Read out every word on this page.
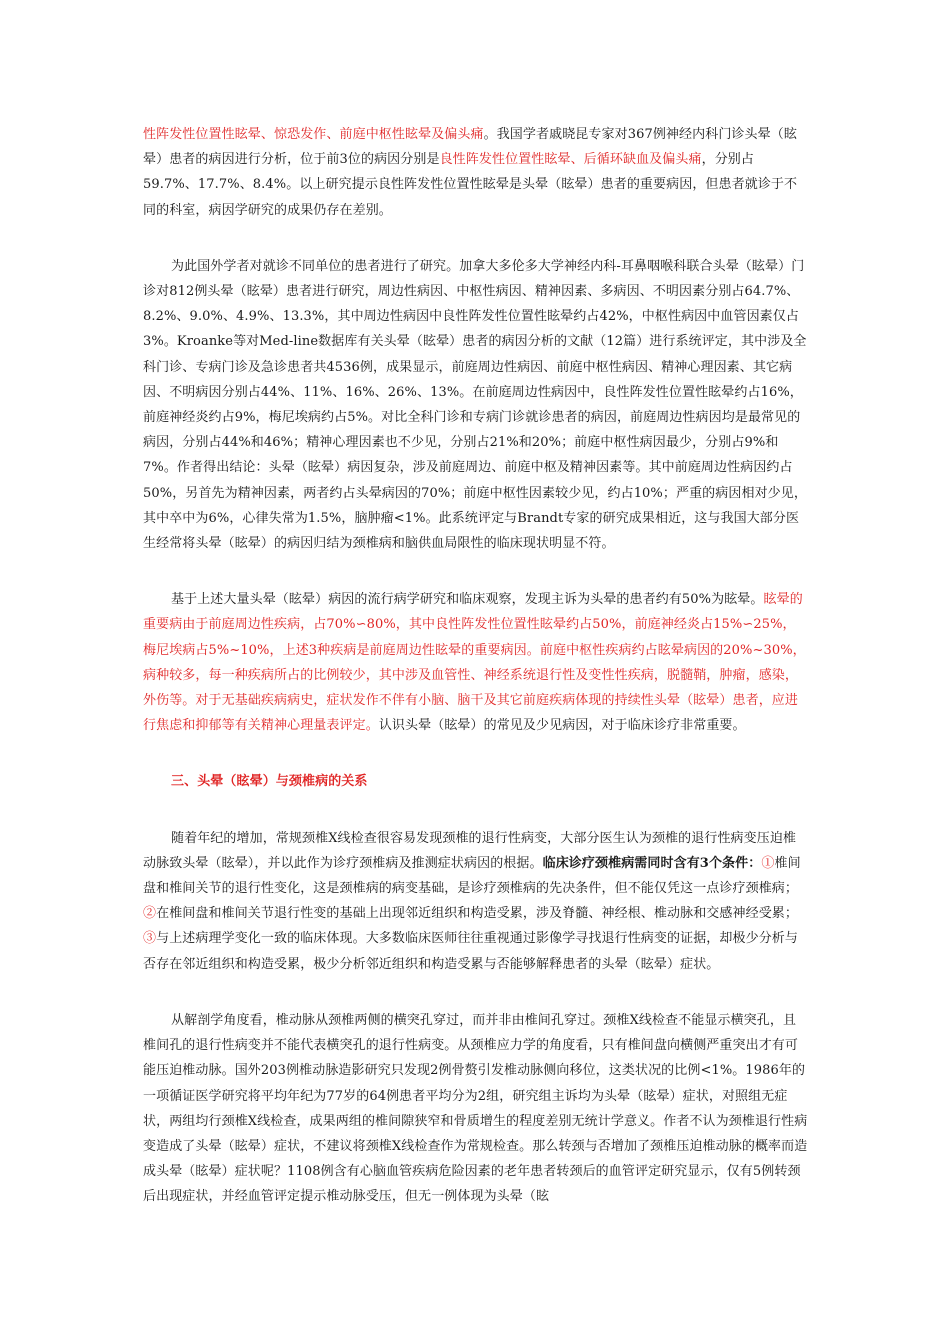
性阵发性位置性眩晕、惊恐发作、前庭中枢性眩晕及偏头痛。我国学者戚晓昆专家对367例神经内科门诊头晕（眩晕）患者的病因进行分析，位于前3位的病因分别是良性阵发性位置性眩晕、后循环缺血及偏头痛，分别占59.7%、17.7%、8.4%。以上研究提示良性阵发性位置性眩晕是头晕（眩晕）患者的重要病因，但患者就诊于不同的科室，病因学研究的成果仍存在差别。

为此国外学者对就诊不同单位的患者进行了研究。加拿大多伦多大学神经内科-耳鼻咽喉科联合头晕（眩晕）门诊对812例头晕（眩晕）患者进行研究，周边性病因、中枢性病因、精神因素、多病因、不明因素分别占64.7%、8.2%、9.0%、4.9%、13.3%，其中周边性病因中良性阵发性位置性眩晕约占42%，中枢性病因中血管因素仅占3%。Kroanke等对Med-line数据库有关头晕（眩晕）患者的病因分析的文献（12篇）进行系统评定，其中涉及全科门诊、专病门诊及急诊患者共4536例，成果显示，前庭周边性病因、前庭中枢性病因、精神心理因素、其它病因、不明病因分别占44%、11%、16%、26%、13%。在前庭周边性病因中，良性阵发性位置性眩晕约占16%，前庭神经炎约占9%，梅尼埃病约占5%。对比全科门诊和专病门诊就诊患者的病因，前庭周边性病因均是最常见的病因，分别占44%和46%；精神心理因素也不少见，分别占21%和20%；前庭中枢性病因最少，分别占9%和7%。作者得出结论：头晕（眩晕）病因复杂，涉及前庭周边、前庭中枢及精神因素等。其中前庭周边性病因约占50%，另首先为精神因素，两者约占头晕病因的70%；前庭中枢性因素较少见，约占10%；严重的病因相对少见，其中卒中为6%，心律失常为1.5%，脑肿瘤<1%。此系统评定与Brandt专家的研究成果相近，这与我国大部分医生经常将头晕（眩晕）的病因归结为颈椎病和脑供血局限性的临床现状明显不符。

基于上述大量头晕（眩晕）病因的流行病学研究和临床观察，发现主诉为头晕的患者约有50%为眩晕。眩晕的重要病由于前庭周边性疾病，占70%∽80%，其中良性阵发性位置性眩晕约占50%，前庭神经炎占15%∽25%，梅尼埃病占5%~10%，上述3种疾病是前庭周边性眩晕的重要病因。前庭中枢性疾病约占眩晕病因的20%~30%，病种较多，每一种疾病所占的比例较少，其中涉及血管性、神经系统退行性及变性性疾病，脱髓鞘，肿瘤，感染，外伤等。对于无基础疾病病史，症状发作不伴有小脑、脑干及其它前庭疾病体现的持续性头晕（眩晕）患者，应进行焦虑和抑郁等有关精神心理量表评定。认识头晕（眩晕）的常见及少见病因，对于临床诊疗非常重要。

三、头晕（眩晕）与颈椎病的关系

随着年纪的增加，常规颈椎X线检查很容易发现颈椎的退行性病变，大部分医生认为颈椎的退行性病变压迫椎动脉致头晕（眩晕），并以此作为诊疗颈椎病及推测症状病因的根据。临床诊疗颈椎病需同时含有3个条件：①椎间盘和椎间关节的退行性变化，这是颈椎病的病变基础，是诊疗颈椎病的先决条件，但不能仅凭这一点诊疗颈椎病；②在椎间盘和椎间关节退行性变的基础上出现邻近组织和构造受累，涉及脊髓、神经根、椎动脉和交感神经受累；③与上述病理学变化一致的临床体现。大多数临床医师往往重视通过影像学寻找退行性病变的证据，却极少分析与否存在邻近组织和构造受累，极少分析邻近组织和构造受累与否能够解释患者的头晕（眩晕）症状。

从解剖学角度看，椎动脉从颈椎两侧的横突孔穿过，而并非由椎间孔穿过。颈椎X线检查不能显示横突孔，且椎间孔的退行性病变并不能代表横突孔的退行性病变。从颈椎应力学的角度看，只有椎间盘向横侧严重突出才有可能压迫椎动脉。国外203例椎动脉造影研究只发现2例骨赘引发椎动脉侧向移位，这类状况的比例<1%。1986年的一项循证医学研究将平均年纪为77岁的64例患者平均分为2组，研究组主诉均为头晕（眩晕）症状，对照组无症状，两组均行颈椎X线检查，成果两组的椎间隙狭窄和骨质增生的程度差别无统计学意义。作者不认为颈椎退行性病变造成了头晕（眩晕）症状，不建议将颈椎X线检查作为常规检查。那么转颈与否增加了颈椎压迫椎动脉的概率而造成头晕（眩晕）症状呢？1108例含有心脑血管疾病危险因素的老年患者转颈后的血管评定研究显示，仅有5例转颈后出现症状，并经血管评定提示椎动脉受压，但无一例体现为头晕（眩
